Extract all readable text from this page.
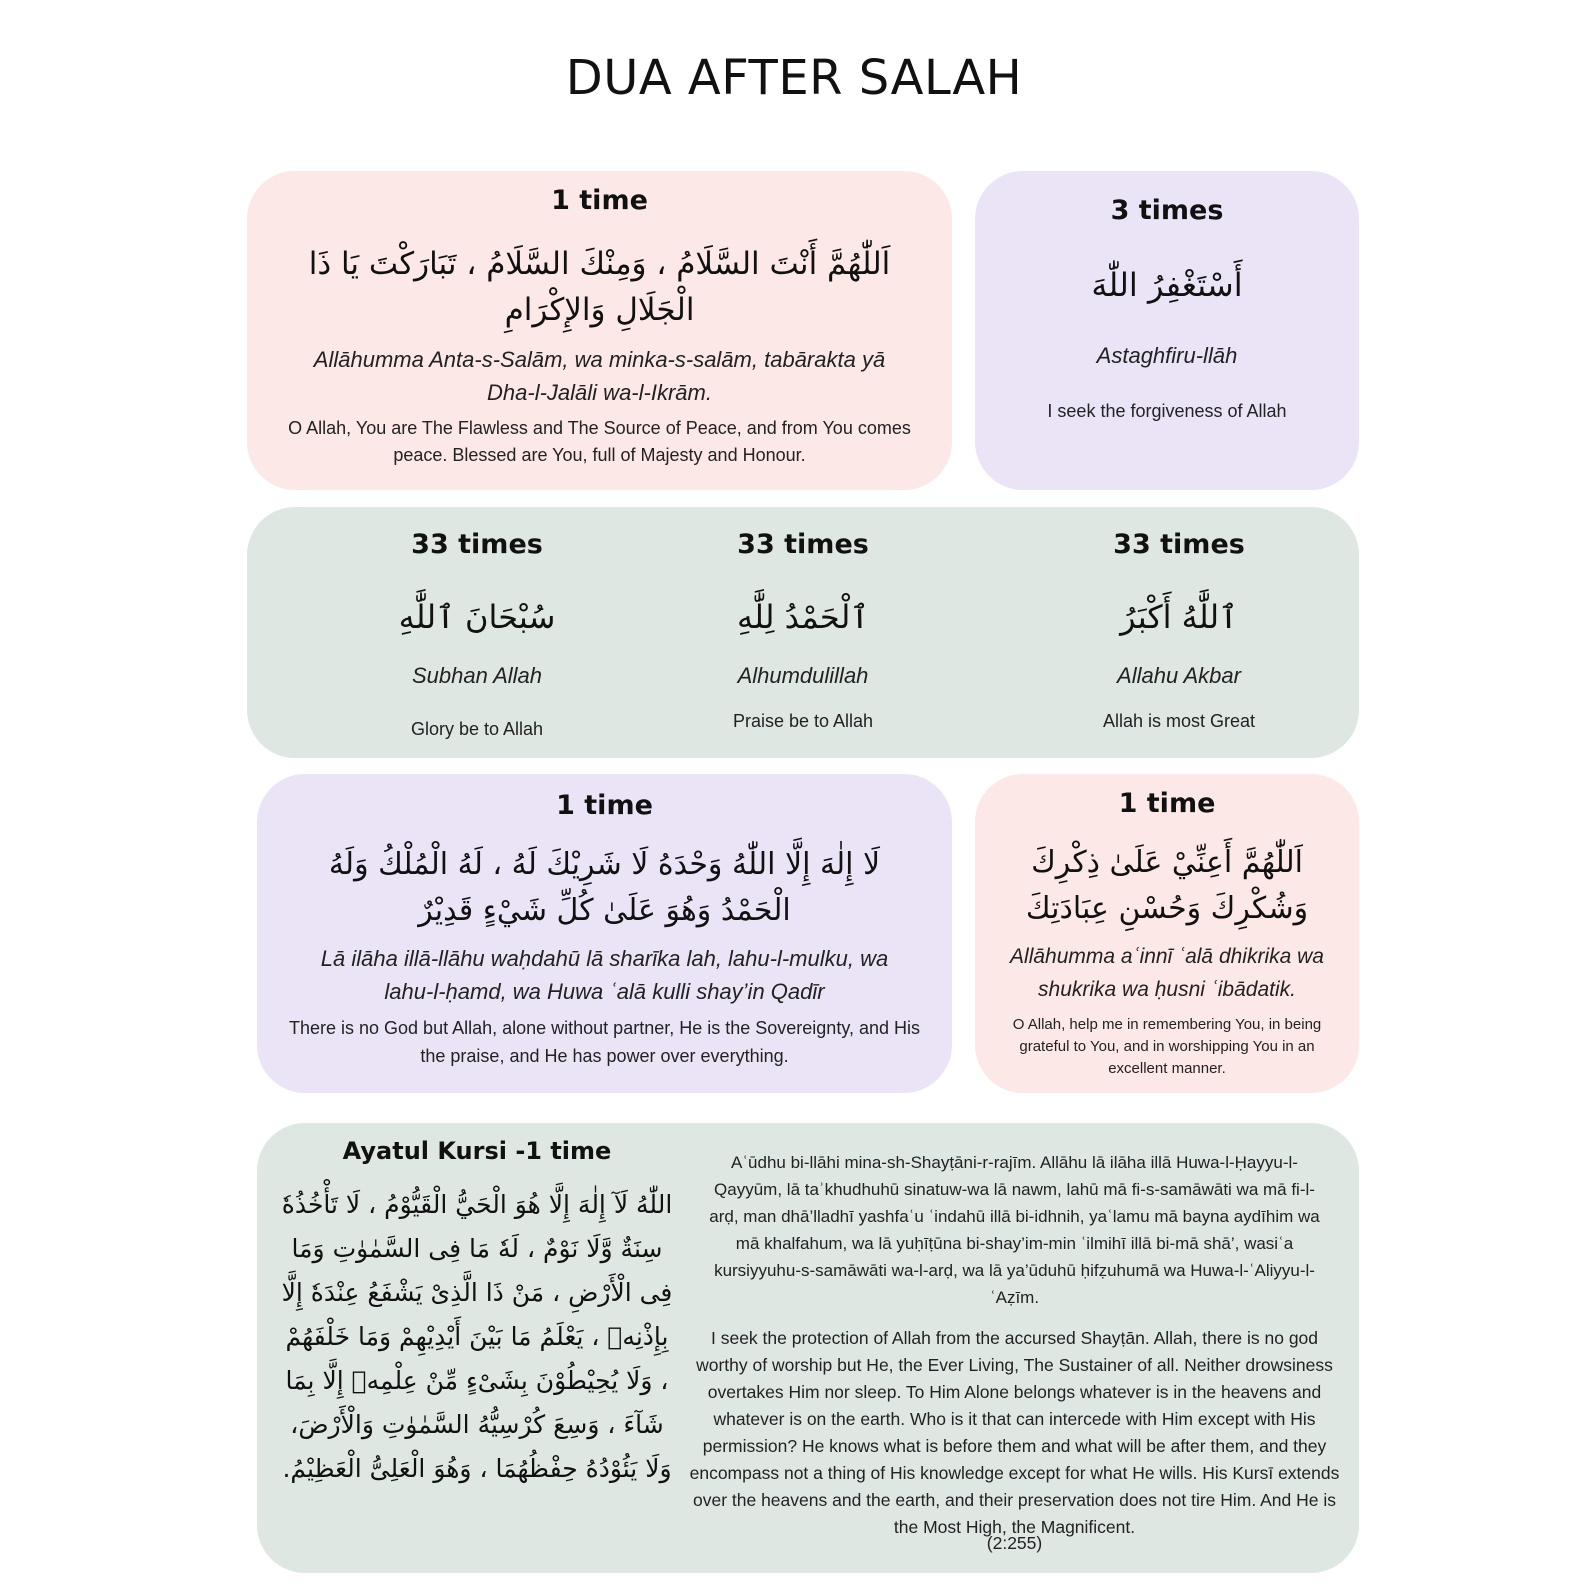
DUA AFTER SALAH
1 time
اَللّٰهُمَّ أَنْتَ السَّلَامُ ، وَمِنْكَ السَّلَامُ ، تَبَارَكْتَ يَا ذَا الْجَلَالِ وَالإِكْرَامِ
Allāhumma Anta-s-Salām, wa minka-s-salām, tabārakta yā Dha-l-Jalāli wa-l-Ikrām.
O Allah, You are The Flawless and The Source of Peace, and from You comes peace. Blessed are You, full of Majesty and Honour.
3 times
أَسْتَغْفِرُ اللّٰهَ
Astaghfiru-llāh
I seek the forgiveness of Allah
33 times
سُبْحَانَ ٱللَّٰهِ
Subhan Allah
Glory be to Allah
33 times
ٱلْحَمْدُ لِلَّٰهِ
Alhumdulillah
Praise be to Allah
33 times
ٱللَّٰهُ أَكْبَرُ
Allahu Akbar
Allah is most Great
1 time
لَا إِلٰهَ إِلَّا اللّٰهُ وَحْدَهُ لَا شَرِيْكَ لَهُ ، لَهُ الْمُلْكُ وَلَهُ الْحَمْدُ وَهُوَ عَلَىٰ كُلِّ شَيْءٍ قَدِيْرٌ
Lā ilāha illā-llāhu waḥdahū lā sharīka lah, lahu-l-mulku, wa lahu-l-ḥamd, wa Huwa ʿalā kulli shay’in Qadīr
There is no God but Allah, alone without partner, He is the Sovereignty, and His the praise, and He has power over everything.
1 time
اَللّٰهُمَّ أَعِنِّيْ عَلَىٰ ذِكْرِكَ وَشُكْرِكَ وَحُسْنِ عِبَادَتِكَ
Allāhumma aʿinnī ʿalā dhikrika wa shukrika wa ḥusni ʿibādatik.
O Allah, help me in remembering You, in being grateful to You, and in worshipping You in an excellent manner.
Ayatul Kursi -1 time
اللّٰهُ لَآ إِلٰهَ إِلَّا هُوَ الْحَيُّ الْقَيُّوْمُ ، لَا تَأْخُذُهٗ سِنَةٌ وَّلَا نَوْمٌ ، لَهٗ مَا فِى السَّمٰوٰتِ وَمَا فِى الْأَرْضِ ، مَنْ ذَا الَّذِىْ يَشْفَعُ عِنْدَهٗ إِلَّا بِإِذْنِهٖ ، يَعْلَمُ مَا بَيْنَ أَيْدِيْهِمْ وَمَا خَلْفَهُمْ ، وَلَا يُحِيْطُوْنَ بِشَىْءٍ مِّنْ عِلْمِهٖ إِلَّا بِمَا شَآءَ ، وَسِعَ كُرْسِيُّهُ السَّمٰوٰتِ وَالْأَرْضَ، وَلَا يَئُوْدُهُ حِفْظُهُمَا ، وَهُوَ الْعَلِىُّ الْعَظِيْمُ.
Aʿūdhu bi-llāhi mina-sh-Shayṭāni-r-rajīm. Allāhu lā ilāha illā Huwa-l-Ḥayyu-l-Qayyūm, lā taʾkhudhuhū sinatuw-wa lā nawm, lahū mā fi-s-samāwāti wa mā fi-l-arḍ, man dhā’lladhī yashfaʿu ʿindahū illā bi-idhnih, yaʿlamu mā bayna aydīhim wa mā khalfahum, wa lā yuḥīṭūna bi-shay’im-min ʿilmihī illā bi-mā shā’, wasiʿa kursiyyuhu-s-samāwāti wa-l-arḍ, wa lā ya’ūduhū ḥifẓuhumā wa Huwa-l-ʿAliyyu-l-ʿAẓīm.
I seek the protection of Allah from the accursed Shayṭān. Allah, there is no god worthy of worship but He, the Ever Living, The Sustainer of all. Neither drowsiness overtakes Him nor sleep. To Him Alone belongs whatever is in the heavens and whatever is on the earth. Who is it that can intercede with Him except with His permission? He knows what is before them and what will be after them, and they encompass not a thing of His knowledge except for what He wills. His Kursī extends over the heavens and the earth, and their preservation does not tire Him. And He is the Most High, the Magnificent.
(2:255)
